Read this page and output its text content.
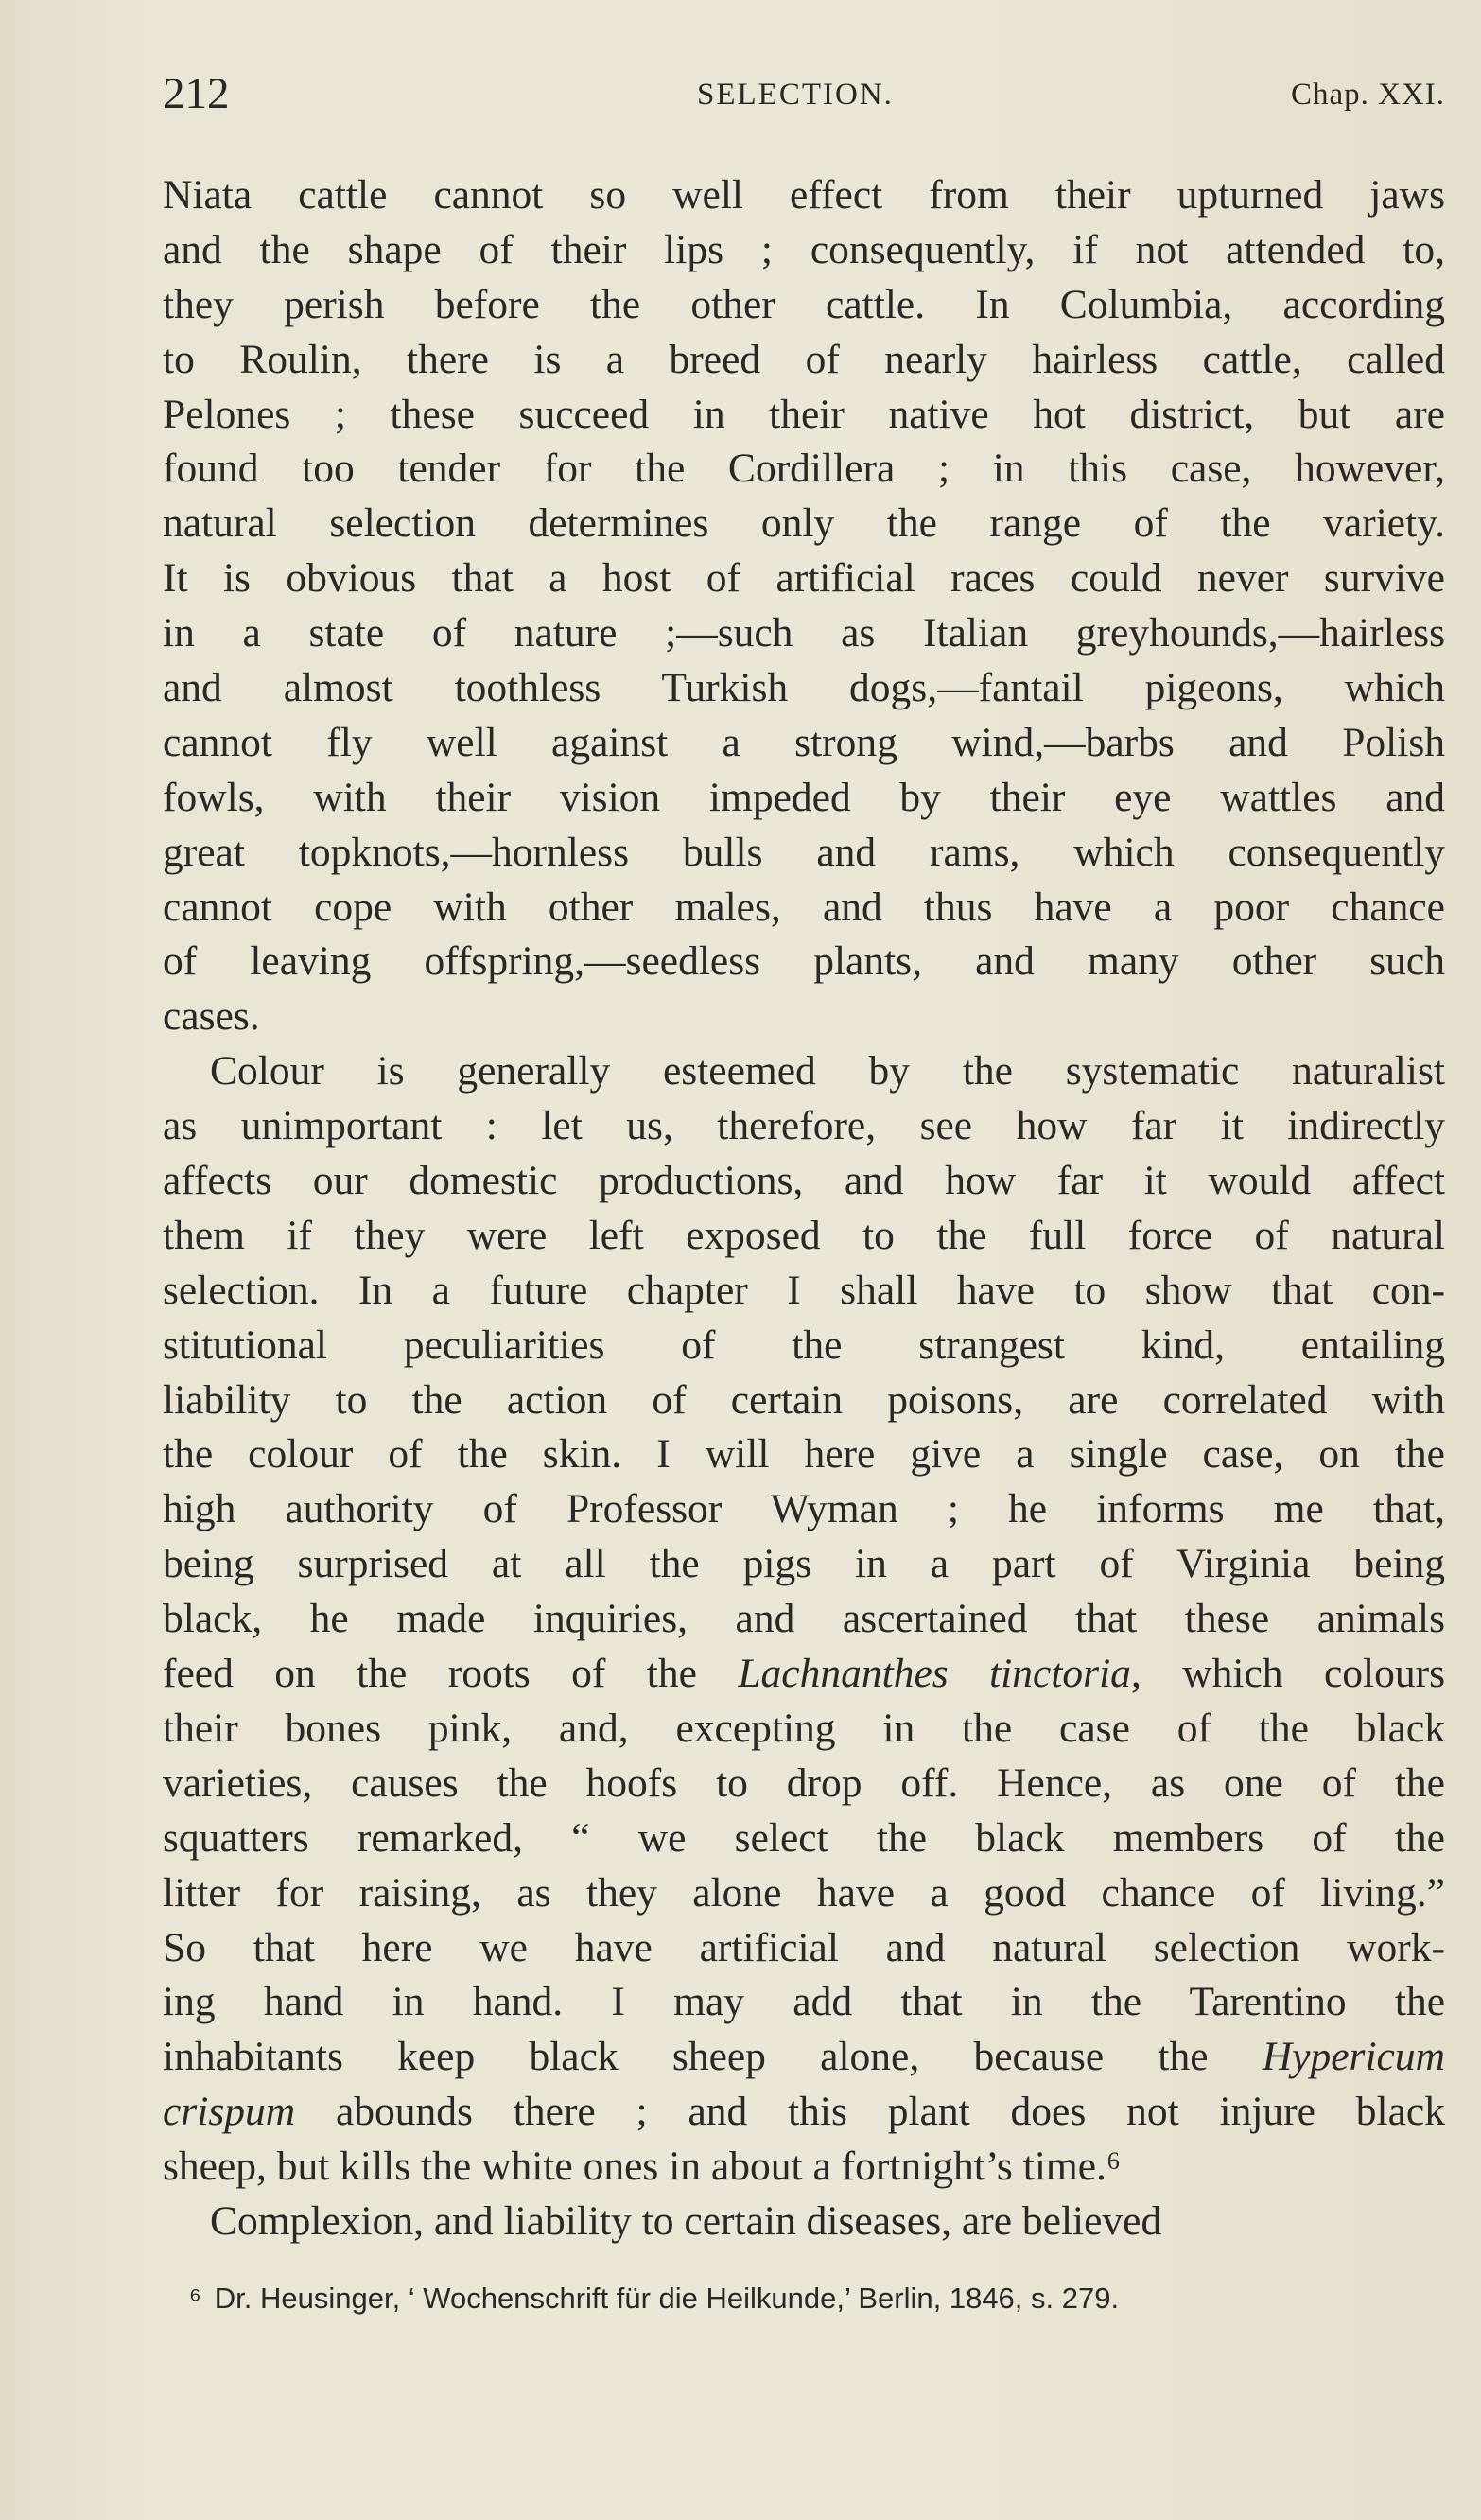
212	SELECTION.	Chap. XXI.
Niata cattle cannot so well effect from their upturned jaws
and the shape of their lips ; consequently, if not attended to,
they perish before the other cattle. In Columbia, according
to Roulin, there is a breed of nearly hairless cattle, called
Pelones ; these succeed in their native hot district, but are
found too tender for the Cordillera ; in this case, however,
natural selection determines only the range of the variety.
It is obvious that a host of artificial races could never survive
in a state of nature ;—such as Italian greyhounds,—hairless
and almost toothless Turkish dogs,—fantail pigeons, which
cannot fly well against a strong wind,—barbs and Polish
fowls, with their vision impeded by their eye wattles and
great topknots,—hornless bulls and rams, which consequently
cannot cope with other males, and thus have a poor chance
of leaving offspring,—seedless plants, and many other such
cases.
Colour is generally esteemed by the systematic naturalist
as unimportant : let us, therefore, see how far it indirectly
affects our domestic productions, and how far it would affect
them if they were left exposed to the full force of natural
selection. In a future chapter I shall have to show that con-
stitutional peculiarities of the strangest kind, entailing
liability to the action of certain poisons, are correlated with
the colour of the skin. I will here give a single case, on the
high authority of Professor Wyman ; he informs me that,
being surprised at all the pigs in a part of Virginia being
black, he made inquiries, and ascertained that these animals
feed on the roots of the Lachnanthes tinctoria, which colours
their bones pink, and, excepting in the case of the black
varieties, causes the hoofs to drop off. Hence, as one of the
squatters remarked, “ we select the black members of the
litter for raising, as they alone have a good chance of living.”
So that here we have artificial and natural selection work-
ing hand in hand. I may add that in the Tarentino the
inhabitants keep black sheep alone, because the Hypericum
crispum abounds there ; and this plant does not injure black
sheep, but kills the white ones in about a fortnight’s time.⁶
Complexion, and liability to certain diseases, are believed
⁶ Dr. Heusinger, ‘ Wochenschrift für die Heilkunde,’ Berlin, 1846, s. 279.
